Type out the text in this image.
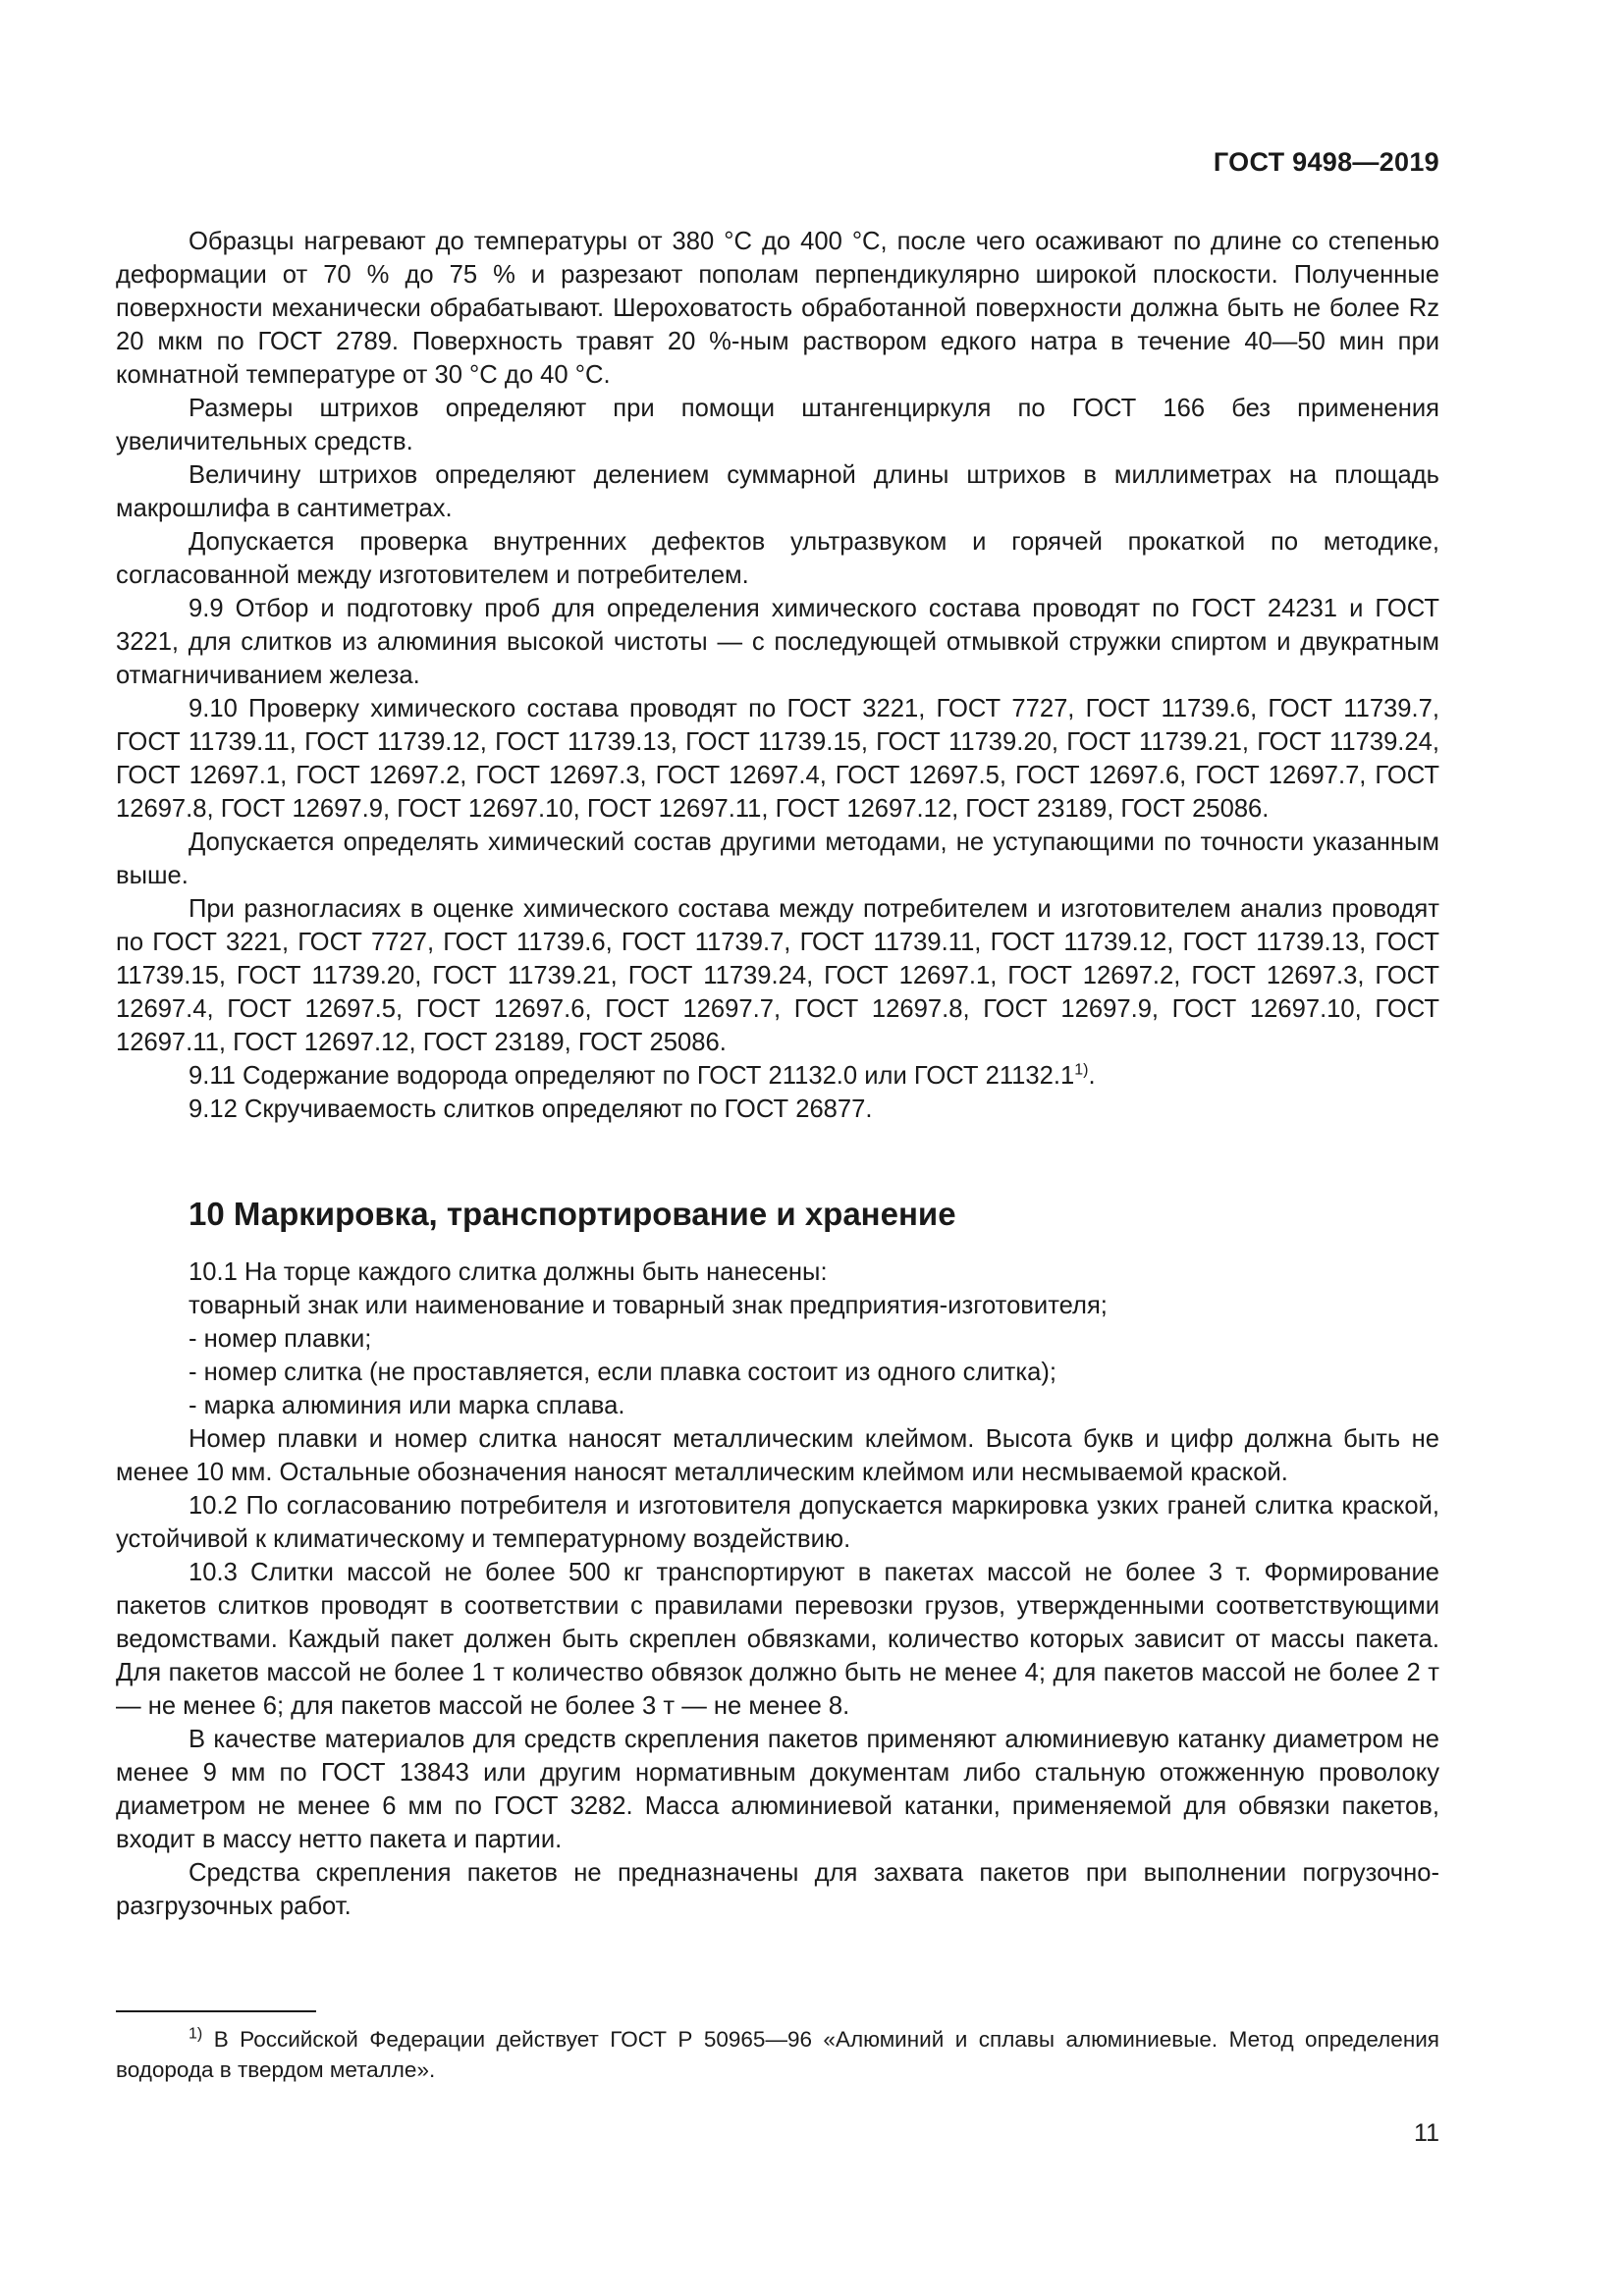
ГОСТ 9498—2019

Образцы нагревают до температуры от 380 °С до 400 °С, после чего осаживают по длине со степенью деформации от 70 % до 75 % и разрезают пополам перпендикулярно широкой плоскости. Полученные поверхности механически обрабатывают. Шероховатость обработанной поверхности должна быть не более Rz 20 мкм по ГОСТ 2789. Поверхность травят 20 %-ным раствором едкого натра в течение 40—50 мин при комнатной температуре от 30 °С до 40 °С.

Размеры штрихов определяют при помощи штангенциркуля по ГОСТ 166 без применения увеличительных средств.

Величину штрихов определяют делением суммарной длины штрихов в миллиметрах на площадь макрошлифа в сантиметрах.

Допускается проверка внутренних дефектов ультразвуком и горячей прокаткой по методике, согласованной между изготовителем и потребителем.

9.9 Отбор и подготовку проб для определения химического состава проводят по ГОСТ 24231 и ГОСТ 3221, для слитков из алюминия высокой чистоты — с последующей отмывкой стружки спиртом и двукратным отмагничиванием железа.

9.10 Проверку химического состава проводят по ГОСТ 3221, ГОСТ 7727, ГОСТ 11739.6, ГОСТ 11739.7, ГОСТ 11739.11, ГОСТ 11739.12, ГОСТ 11739.13, ГОСТ 11739.15, ГОСТ 11739.20, ГОСТ 11739.21, ГОСТ 11739.24, ГОСТ 12697.1, ГОСТ 12697.2, ГОСТ 12697.3, ГОСТ 12697.4, ГОСТ 12697.5, ГОСТ 12697.6, ГОСТ 12697.7, ГОСТ 12697.8, ГОСТ 12697.9, ГОСТ 12697.10, ГОСТ 12697.11, ГОСТ 12697.12, ГОСТ 23189, ГОСТ 25086.

Допускается определять химический состав другими методами, не уступающими по точности указанным выше.

При разногласиях в оценке химического состава между потребителем и изготовителем анализ проводят по ГОСТ 3221, ГОСТ 7727, ГОСТ 11739.6, ГОСТ 11739.7, ГОСТ 11739.11, ГОСТ 11739.12, ГОСТ 11739.13, ГОСТ 11739.15, ГОСТ 11739.20, ГОСТ 11739.21, ГОСТ 11739.24, ГОСТ 12697.1, ГОСТ 12697.2, ГОСТ 12697.3, ГОСТ 12697.4, ГОСТ 12697.5, ГОСТ 12697.6, ГОСТ 12697.7, ГОСТ 12697.8, ГОСТ 12697.9, ГОСТ 12697.10, ГОСТ 12697.11, ГОСТ 12697.12, ГОСТ 23189, ГОСТ 25086.

9.11 Содержание водорода определяют по ГОСТ 21132.0 или ГОСТ 21132.1$^{1)}$.

9.12 Скручиваемость слитков определяют по ГОСТ 26877.

10 Маркировка, транспортирование и хранение

10.1 На торце каждого слитка должны быть нанесены:

товарный знак или наименование и товарный знак предприятия-изготовителя;

- номер плавки;

- номер слитка (не проставляется, если плавка состоит из одного слитка);

- марка алюминия или марка сплава.

Номер плавки и номер слитка наносят металлическим клеймом. Высота букв и цифр должна быть не менее 10 мм. Остальные обозначения наносят металлическим клеймом или несмываемой краской.

10.2 По согласованию потребителя и изготовителя допускается маркировка узких граней слитка краской, устойчивой к климатическому и температурному воздействию.

10.3 Слитки массой не более 500 кг транспортируют в пакетах массой не более 3 т. Формирование пакетов слитков проводят в соответствии с правилами перевозки грузов, утвержденными соответствующими ведомствами. Каждый пакет должен быть скреплен обвязками, количество которых зависит от массы пакета. Для пакетов массой не более 1 т количество обвязок должно быть не менее 4; для пакетов массой не более 2 т — не менее 6; для пакетов массой не более 3 т — не менее 8.

В качестве материалов для средств скрепления пакетов применяют алюминиевую катанку диаметром не менее 9 мм по ГОСТ 13843 или другим нормативным документам либо стальную отожженную проволоку диаметром не менее 6 мм по ГОСТ 3282. Масса алюминиевой катанки, применяемой для обвязки пакетов, входит в массу нетто пакета и партии.

Средства скрепления пакетов не предназначены для захвата пакетов при выполнении погрузочно-разгрузочных работ.

$^{1)}$ В Российской Федерации действует ГОСТ Р 50965—96 «Алюминий и сплавы алюминиевые. Метод определения водорода в твердом металле».
11
